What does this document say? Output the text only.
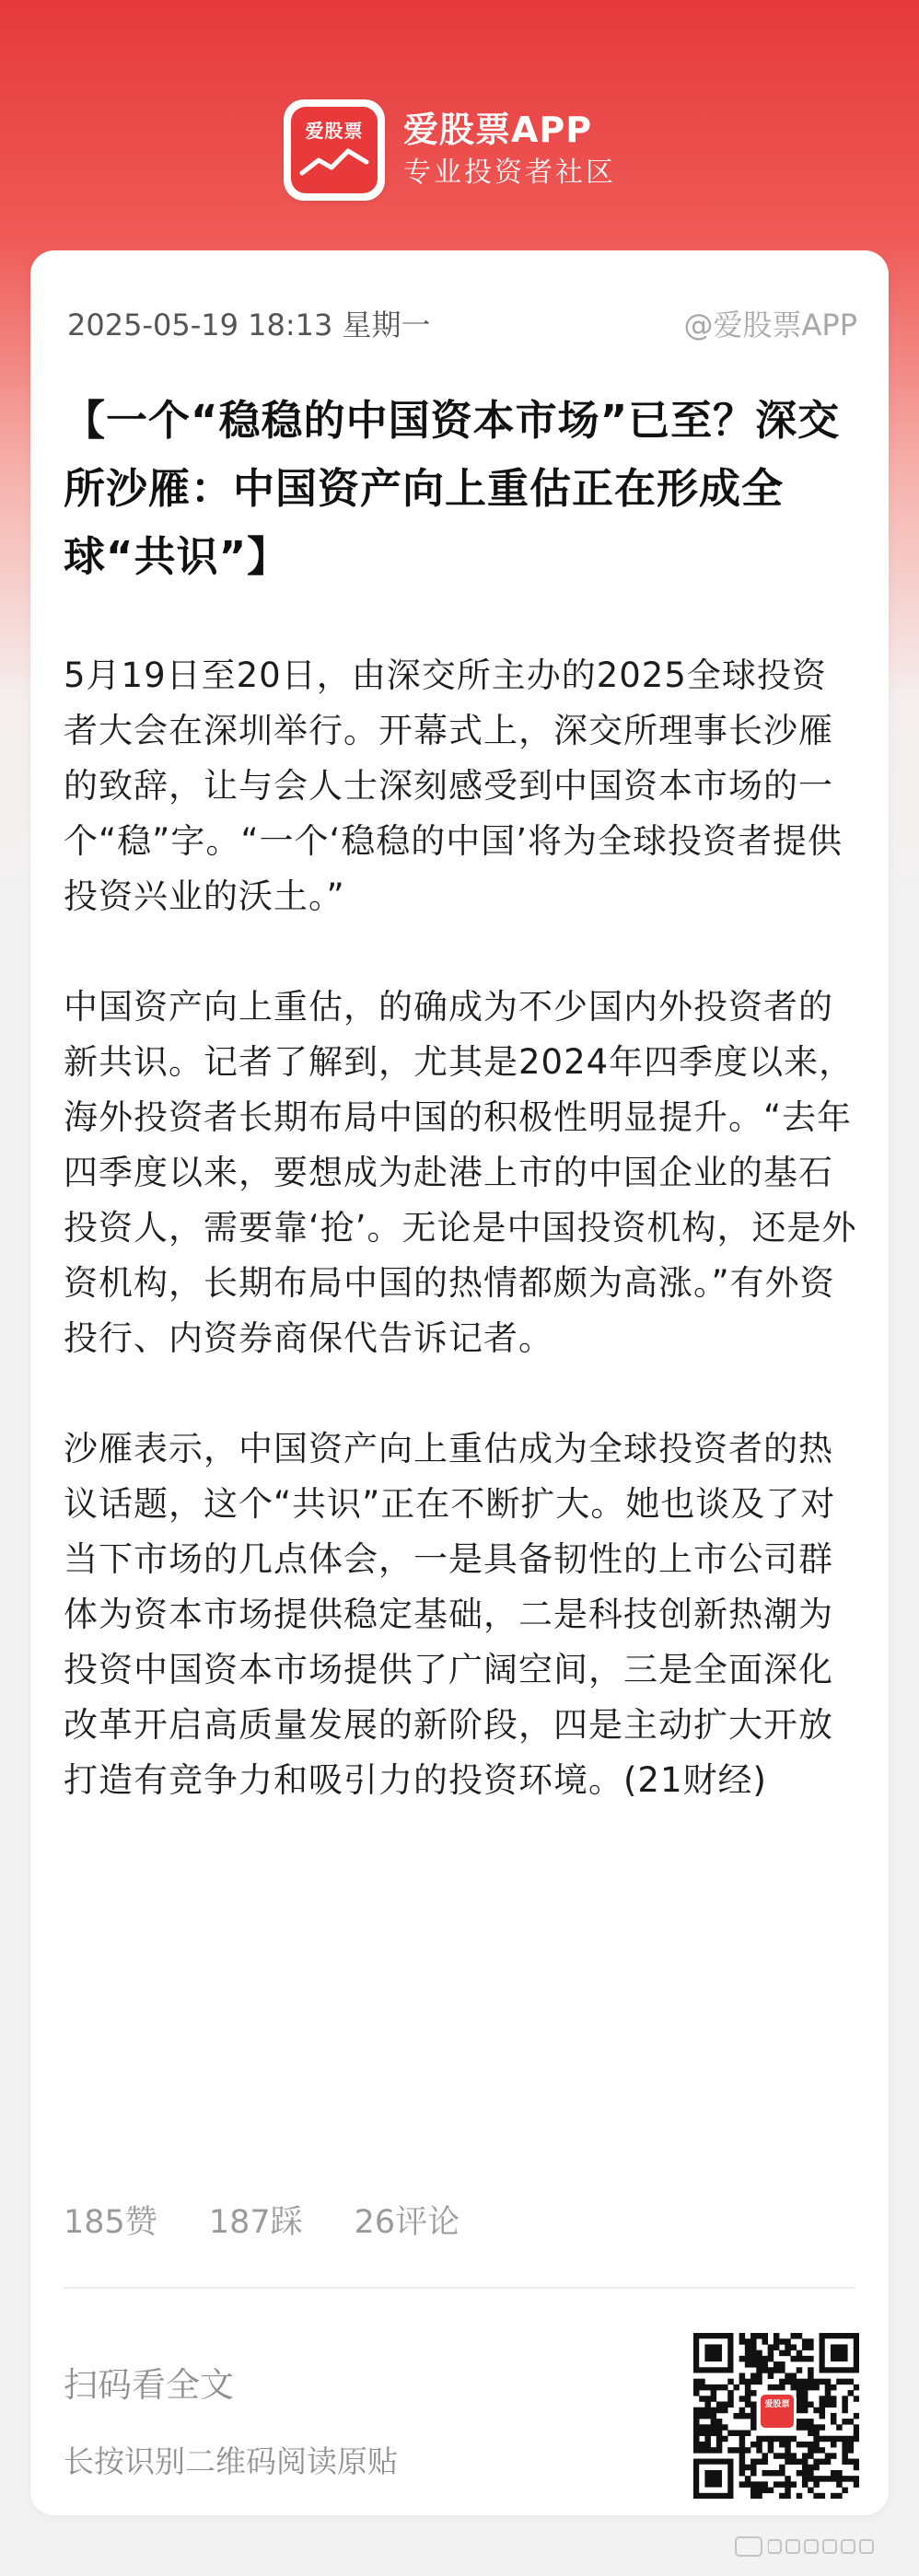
爱股票	爱股票APP
专业投资者社区
2025-05-19 18:13 星期一	@爱股票APP
【一个“稳稳的中国资本市场”已至？深交所沙雁：中国资产向上重估正在形成全球“共识”】

5月19日至20日，由深交所主办的2025全球投资者大会在深圳举行。开幕式上，深交所理事长沙雁的致辞，让与会人士深刻感受到中国资本市场的一个“稳”字。“一个‘稳稳的中国’将为全球投资者提供投资兴业的沃土。”

中国资产向上重估，的确成为不少国内外投资者的新共识。记者了解到，尤其是2024年四季度以来，海外投资者长期布局中国的积极性明显提升。“去年四季度以来，要想成为赴港上市的中国企业的基石投资人，需要靠‘抢’。无论是中国投资机构，还是外资机构，长期布局中国的热情都颇为高涨。”有外资投行、内资券商保代告诉记者。

沙雁表示，中国资产向上重估成为全球投资者的热议话题，这个“共识”正在不断扩大。她也谈及了对当下市场的几点体会，一是具备韧性的上市公司群体为资本市场提供稳定基础，二是科技创新热潮为投资中国资本市场提供了广阔空间，三是全面深化改革开启高质量发展的新阶段，四是主动扩大开放打造有竞争力和吸引力的投资环境。(21财经)

185赞 187踩 26评论
扫码看全文
长按识别二维码阅读原贴
爱股票
